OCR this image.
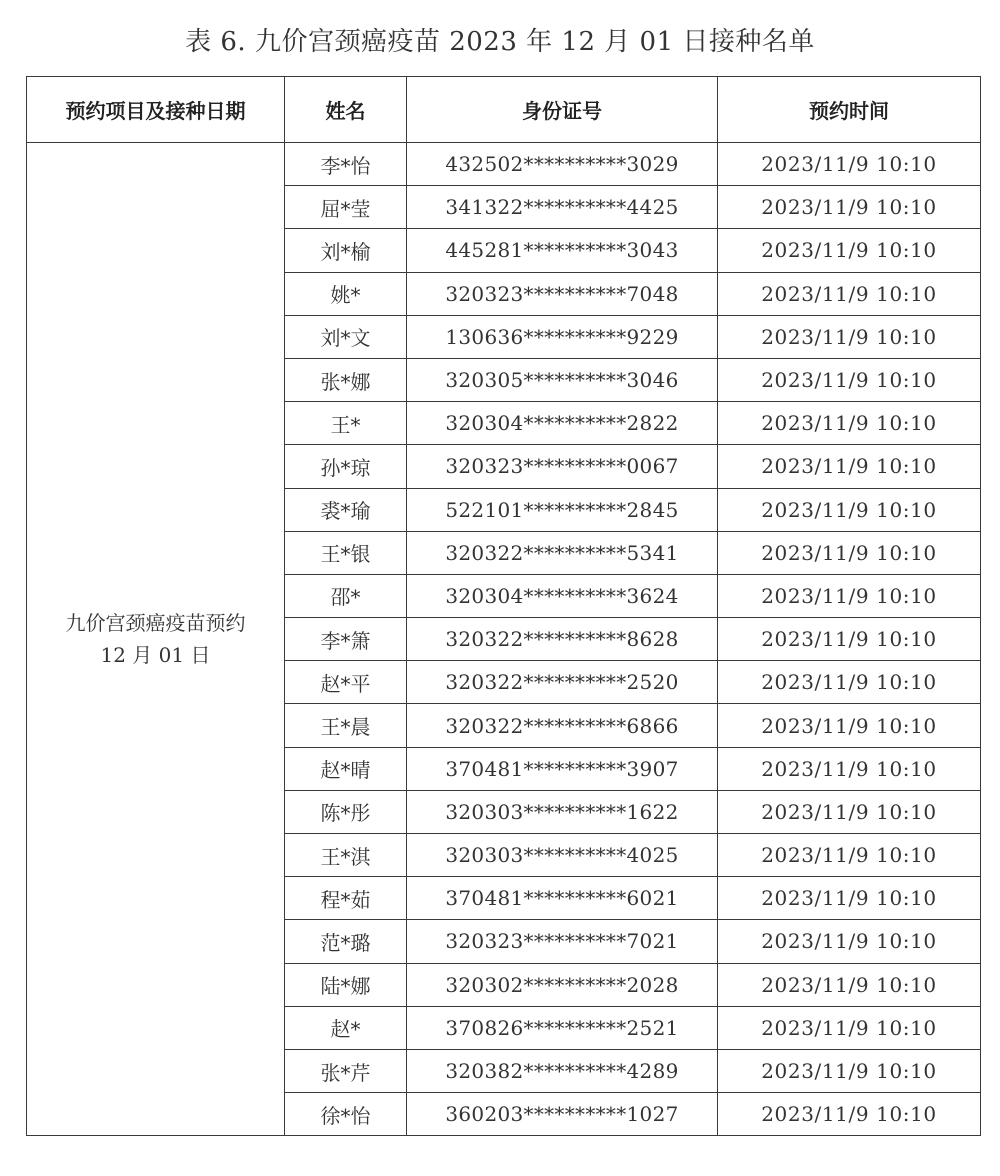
表 6. 九价宫颈癌疫苗 2023 年 12 月 01 日接种名单
预约项目及接种日期	姓名	身份证号	预约时间

九价宫颈癌疫苗预约
12 月 01 日	李*怡	432502**********3029	2023/11/9 10:10
	屈*莹	341322**********4425	2023/11/9 10:10
	刘*榆	445281**********3043	2023/11/9 10:10
	姚*	320323**********7048	2023/11/9 10:10
	刘*文	130636**********9229	2023/11/9 10:10
	张*娜	320305**********3046	2023/11/9 10:10
	王*	320304**********2822	2023/11/9 10:10
	孙*琼	320323**********0067	2023/11/9 10:10
	裘*瑜	522101**********2845	2023/11/9 10:10
	王*银	320322**********5341	2023/11/9 10:10
	邵*	320304**********3624	2023/11/9 10:10
	李*箫	320322**********8628	2023/11/9 10:10
	赵*平	320322**********2520	2023/11/9 10:10
	王*晨	320322**********6866	2023/11/9 10:10
	赵*晴	370481**********3907	2023/11/9 10:10
	陈*彤	320303**********1622	2023/11/9 10:10
	王*淇	320303**********4025	2023/11/9 10:10
	程*茹	370481**********6021	2023/11/9 10:10
	范*璐	320323**********7021	2023/11/9 10:10
	陆*娜	320302**********2028	2023/11/9 10:10
	赵*	370826**********2521	2023/11/9 10:10
	张*芹	320382**********4289	2023/11/9 10:10
	徐*怡	360203**********1027	2023/11/9 10:10
